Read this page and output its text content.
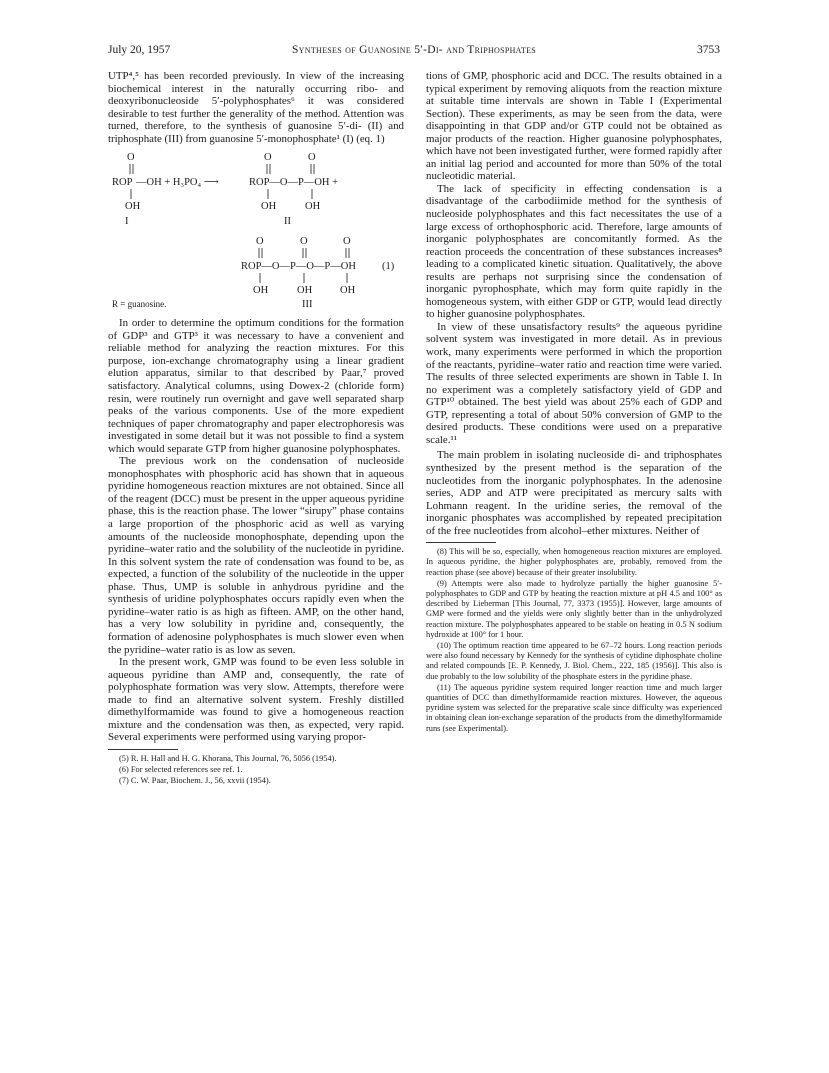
July 20, 1957	Syntheses of Guanosine 5′-Di- and Triphosphates	3753

UTP⁴,⁵ has been recorded previously. In view of the increasing biochemical interest in the naturally occurring ribo- and deoxyribonucleoside 5′-polyphosphates⁶ it was considered desirable to test further the generality of the method. Attention was turned, therefore, to the synthesis of guanosine 5′-di- (II) and triphosphate (III) from guanosine 5′-monophosphate¹ (I) (eq. 1)

O	O	O
ROP —OH + H₃PO₄ ⟶	ROP—O—P—OH +
OH	OH	OH
I	II
O	O	O
ROP—O—P—O—P—OH (1)
OH	OH	OH
R = guanosine.	III

In order to determine the optimum conditions for the formation of GDP³ and GTP³ it was necessary to have a convenient and reliable method for analyzing the reaction mixtures. For this purpose, ion-exchange chromatography using a linear gradient elution apparatus, similar to that described by Paar,⁷ proved satisfactory. Analytical columns, using Dowex-2 (chloride form) resin, were routinely run overnight and gave well separated sharp peaks of the various components. Use of the more expedient techniques of paper chromatography and paper electrophoresis was investigated in some detail but it was not possible to find a system which would separate GTP from higher guanosine polyphosphates.

The previous work on the condensation of nucleoside monophosphates with phosphoric acid has shown that in aqueous pyridine homogeneous reaction mixtures are not obtained. Since all of the reagent (DCC) must be present in the upper aqueous pyridine phase, this is the reaction phase. The lower “sirupy” phase contains a large proportion of the phosphoric acid as well as varying amounts of the nucleoside monophosphate, depending upon the pyridine–water ratio and the solubility of the nucleotide in pyridine. In this solvent system the rate of condensation was found to be, as expected, a function of the solubility of the nucleotide in the upper phase. Thus, UMP is soluble in anhydrous pyridine and the synthesis of uridine polyphosphates occurs rapidly even when the pyridine–water ratio is as high as fifteen. AMP, on the other hand, has a very low solubility in pyridine and, consequently, the formation of adenosine polyphosphates is much slower even when the pyridine–water ratio is as low as seven.

In the present work, GMP was found to be even less soluble in aqueous pyridine than AMP and, consequently, the rate of polyphosphate formation was very slow. Attempts, therefore were made to find an alternative solvent system. Freshly distilled dimethylformamide was found to give a homogeneous reaction mixture and the condensation was then, as expected, very rapid. Several experiments were performed using varying propor-

(5) R. H. Hall and H. G. Khorana, This Journal, 76, 5056 (1954).

(6) For selected references see ref. 1.

(7) C. W. Paar, Biochem. J., 56, xxvii (1954).

tions of GMP, phosphoric acid and DCC. The results obtained in a typical experiment by removing aliquots from the reaction mixture at suitable time intervals are shown in Table I (Experimental Section). These experiments, as may be seen from the data, were disappointing in that GDP and/or GTP could not be obtained as major products of the reaction. Higher guanosine polyphosphates, which have not been investigated further, were formed rapidly after an initial lag period and accounted for more than 50% of the total nucleotidic material.

The lack of specificity in effecting condensation is a disadvantage of the carbodiimide method for the synthesis of nucleoside polyphosphates and this fact necessitates the use of a large excess of orthophosphoric acid. Therefore, large amounts of inorganic polyphosphates are concomitantly formed. As the reaction proceeds the concentration of these substances increases⁸ leading to a complicated kinetic situation. Qualitatively, the above results are perhaps not surprising since the condensation of inorganic pyrophosphate, which may form quite rapidly in the homogeneous system, with either GDP or GTP, would lead directly to higher guanosine polyphosphates.

In view of these unsatisfactory results⁹ the aqueous pyridine solvent system was investigated in more detail. As in previous work, many experiments were performed in which the proportion of the reactants, pyridine–water ratio and reaction time were varied. The results of three selected experiments are shown in Table I. In no experiment was a completely satisfactory yield of GDP and GTP¹⁰ obtained. The best yield was about 25% each of GDP and GTP, representing a total of about 50% conversion of GMP to the desired products. These conditions were used on a preparative scale.¹¹

The main problem in isolating nucleoside di- and triphosphates synthesized by the present method is the separation of the nucleotides from the inorganic polyphosphates. In the adenosine series, ADP and ATP were precipitated as mercury salts with Lohmann reagent. In the uridine series, the removal of the inorganic phosphates was accomplished by repeated precipitation of the free nucleotides from alcohol–ether mixtures. Neither of

(8) This will be so, especially, when homogeneous reaction mixtures are employed. In aqueous pyridine, the higher polyphosphates are, probably, removed from the reaction phase (see above) because of their greater insolubility.

(9) Attempts were also made to hydrolyze partially the higher guanosine 5′-polyphosphates to GDP and GTP by heating the reaction mixture at pH 4.5 and 100° as described by Lieberman [This Journal, 77, 3373 (1955)]. However, large amounts of GMP were formed and the yields were only slightly better than in the unhydrolyzed reaction mixture. The polyphosphates appeared to be stable on heating in 0.5 N sodium hydroxide at 100° for 1 hour.

(10) The optimum reaction time appeared to be 67–72 hours. Long reaction periods were also found necessary by Kennedy for the synthesis of cytidine diphosphate choline and related compounds [E. P. Kennedy, J. Biol. Chem., 222, 185 (1956)]. This also is due probably to the low solubility of the phosphate esters in the pyridine phase.

(11) The aqueous pyridine system required longer reaction time and much larger quantities of DCC than dimethylformamide reaction mixtures. However, the aqueous pyridine system was selected for the preparative scale since difficulty was experienced in obtaining clean ion-exchange separation of the products from the dimethylformamide runs (see Experimental).
